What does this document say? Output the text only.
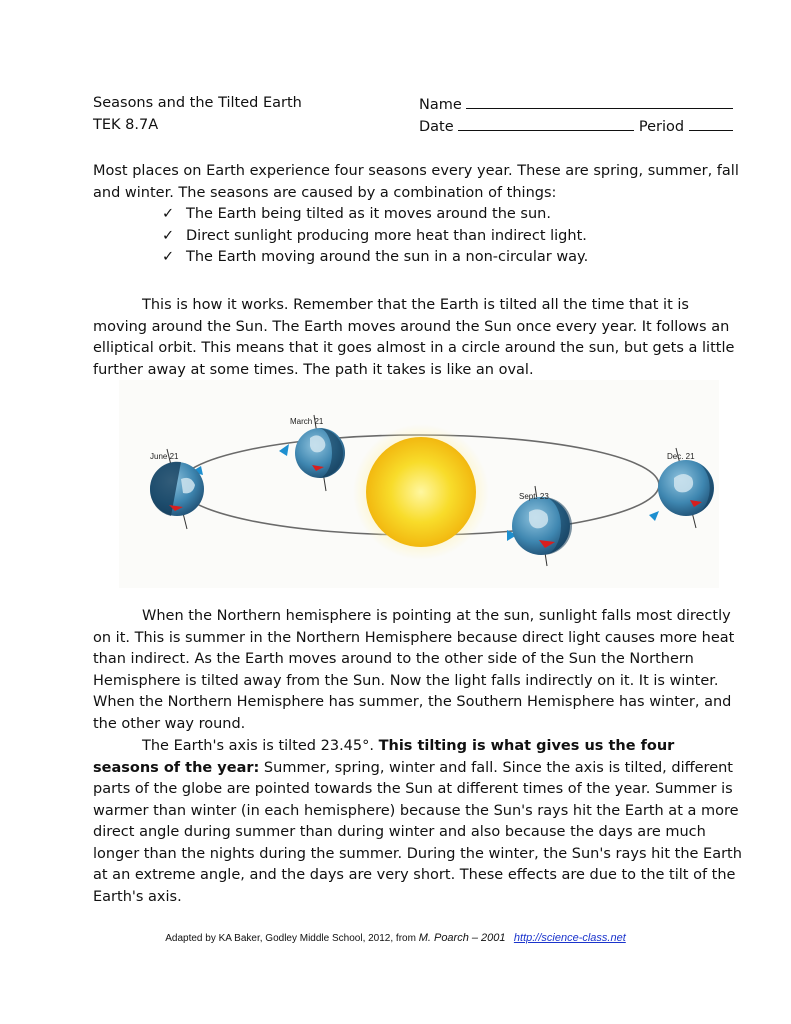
Seasons and the Tilted Earth
TEK 8.7A
Name
Date	Period
Most places on Earth experience four seasons every year. These are spring, summer, fall and winter. The seasons are caused by a combination of things:
✓ The Earth being tilted as it moves around the sun.
✓ Direct sunlight producing more heat than indirect light.
✓ The Earth moving around the sun in a non-circular way.
This is how it works. Remember that the Earth is tilted all the time that it is moving around the Sun. The Earth moves around the Sun once every year. It follows an elliptical orbit. This means that it goes almost in a circle around the sun, but gets a little further away at some times. The path it takes is like an oval.
March 21
June 21	Dec. 21
Sept. 23
When the Northern hemisphere is pointing at the sun, sunlight falls most directly on it. This is summer in the Northern Hemisphere because direct light causes more heat than indirect. As the Earth moves around to the other side of the Sun the Northern Hemisphere is tilted away from the Sun. Now the light falls indirectly on it. It is winter. When the Northern Hemisphere has summer, the Southern Hemisphere has winter, and the other way round.
The Earth's axis is tilted 23.45°. This tilting is what gives us the four seasons of the year: Summer, spring, winter and fall. Since the axis is tilted, different parts of the globe are pointed towards the Sun at different times of the year. Summer is warmer than winter (in each hemisphere) because the Sun's rays hit the Earth at a more direct angle during summer than during winter and also because the days are much longer than the nights during the summer. During the winter, the Sun's rays hit the Earth at an extreme angle, and the days are very short. These effects are due to the tilt of the Earth's axis.
Adapted by KA Baker, Godley Middle School, 2012, from M. Poarch – 2001 http://science-class.net
